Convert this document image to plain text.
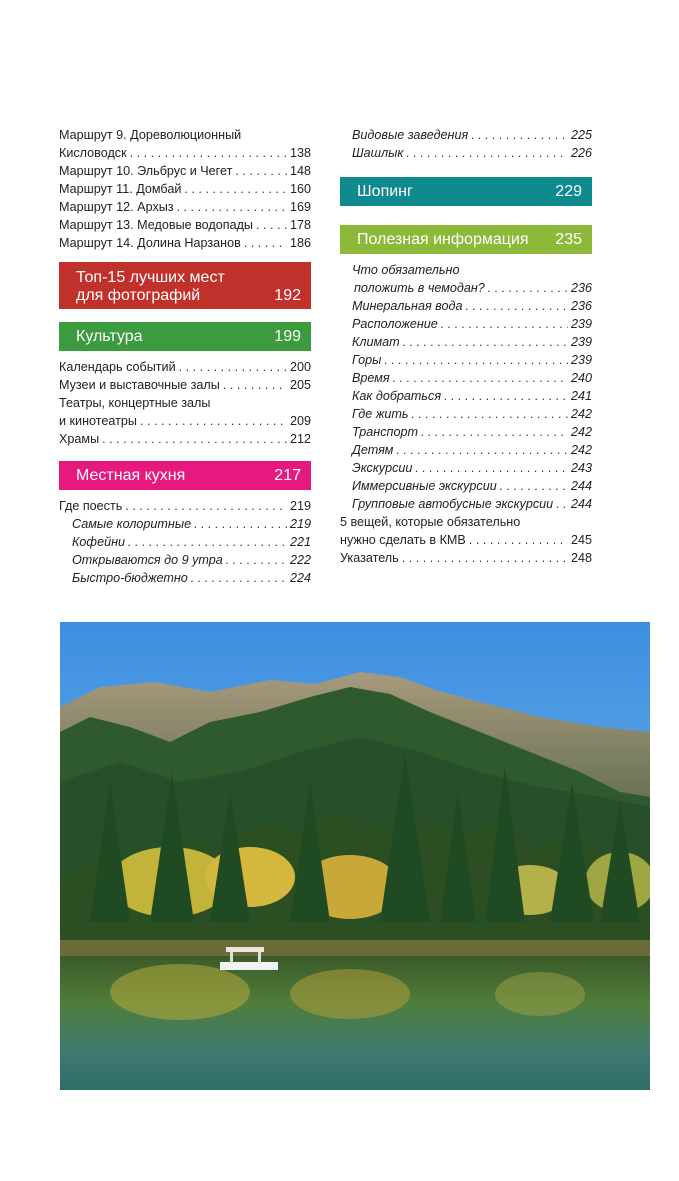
Маршрут 9. Дореволюционный
Кисловодск . . .	138
Маршрут 10. Эльбрус и Чегет . . .	148
Маршрут 11. Домбай . . .	160
Маршрут 12. Архыз . . .	169
Маршрут 13. Медовые водопады . . .	178
Маршрут 14. Долина Нарзанов . . .	186
Топ-15 лучших мест
для фотографий	192
Культура	199
Календарь событий . . .	200
Музеи и выставочные залы . . .	205
Театры, концертные залы
и кинотеатры . . .	209
Храмы . . .	212
Местная кухня	217
Где поесть . . .	219
Самые колоритные . . .	219
Кофейни . . .	221
Открываются до 9 утра . . .	222
Быстро-бюджетно . . .	224
Видовые заведения . . .	225
Шашлык . . .	226
Шопинг	229
Полезная информация 235
Что обязательно
положить в чемодан? . . .	236
Минеральная вода . . .	236
Расположение . . .	239
Климат . . .	239
Горы . . .	239
Время . . .	240
Как добраться . . .	241
Где жить . . .	242
Транспорт . . .	242
Детям . . .	242
Экскурсии . . .	243
Иммерсивные экскурсии . . .	244
Групповые автобусные экскурсии . . . 244
5 вещей, которые обязательно
нужно сделать в КМВ . . .	245
Указатель . . .	248
